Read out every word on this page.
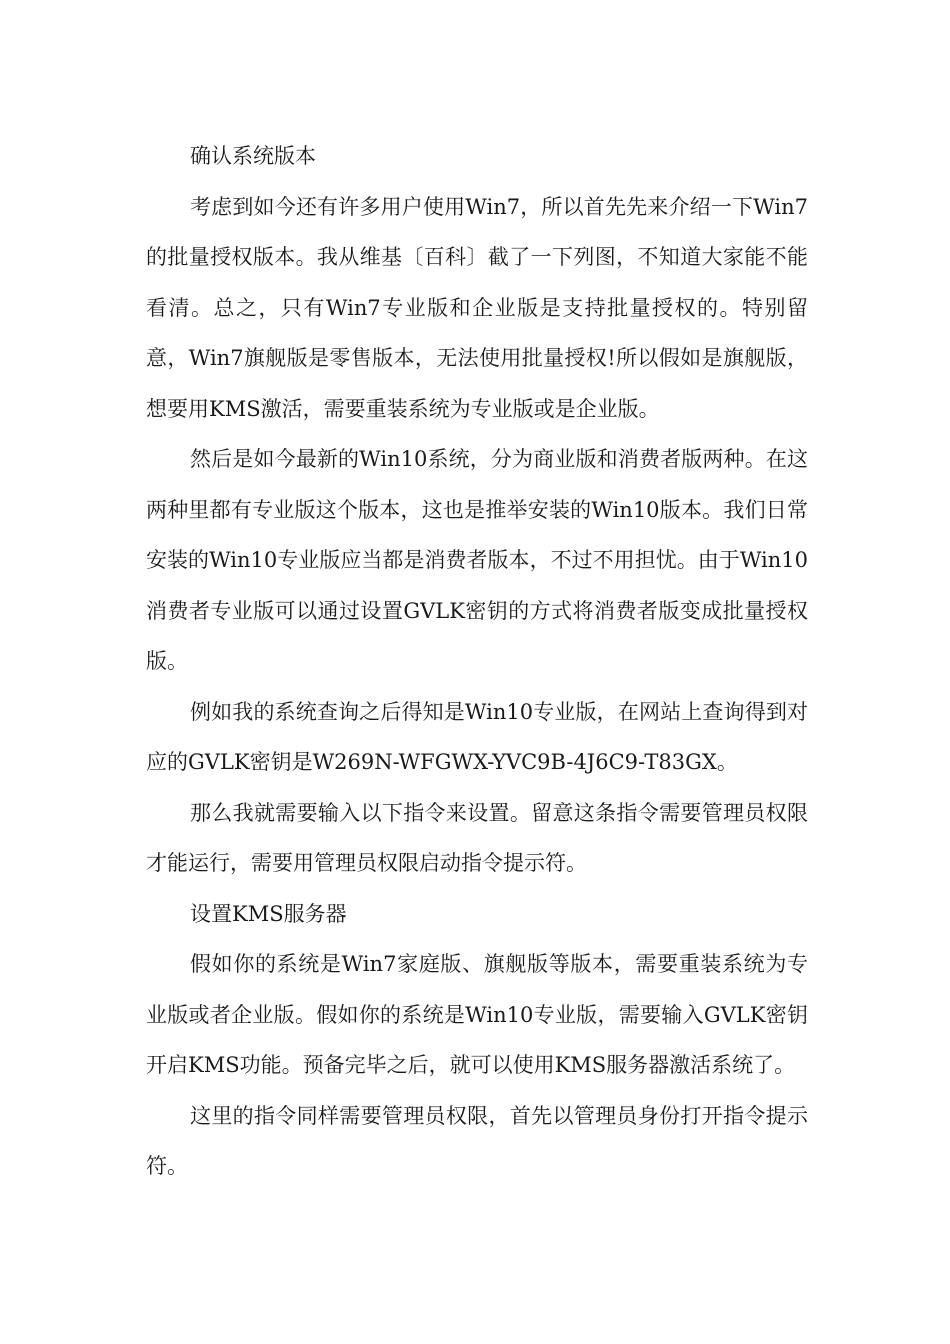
确认系统版本

考虑到如今还有许多用户使用Win7，所以首先先来介绍一下Win7的批量授权版本。我从维基〔百科〕截了一下列图，不知道大家能不能看清。总之，只有Win7专业版和企业版是支持批量授权的。特别留意，Win7旗舰版是零售版本，无法使用批量授权!所以假如是旗舰版，想要用KMS激活，需要重装系统为专业版或是企业版。

然后是如今最新的Win10系统，分为商业版和消费者版两种。在这两种里都有专业版这个版本，这也是推举安装的Win10版本。我们日常安装的Win10专业版应当都是消费者版本，不过不用担忧。由于Win10消费者专业版可以通过设置GVLK密钥的方式将消费者版变成批量授权版。

例如我的系统查询之后得知是Win10专业版，在网站上查询得到对应的GVLK密钥是W269N-WFGWX-YVC9B-4J6C9-T83GX。

那么我就需要输入以下指令来设置。留意这条指令需要管理员权限才能运行，需要用管理员权限启动指令提示符。

设置KMS服务器

假如你的系统是Win7家庭版、旗舰版等版本，需要重装系统为专业版或者企业版。假如你的系统是Win10专业版，需要输入GVLK密钥开启KMS功能。预备完毕之后，就可以使用KMS服务器激活系统了。

这里的指令同样需要管理员权限，首先以管理员身份打开指令提示符。
